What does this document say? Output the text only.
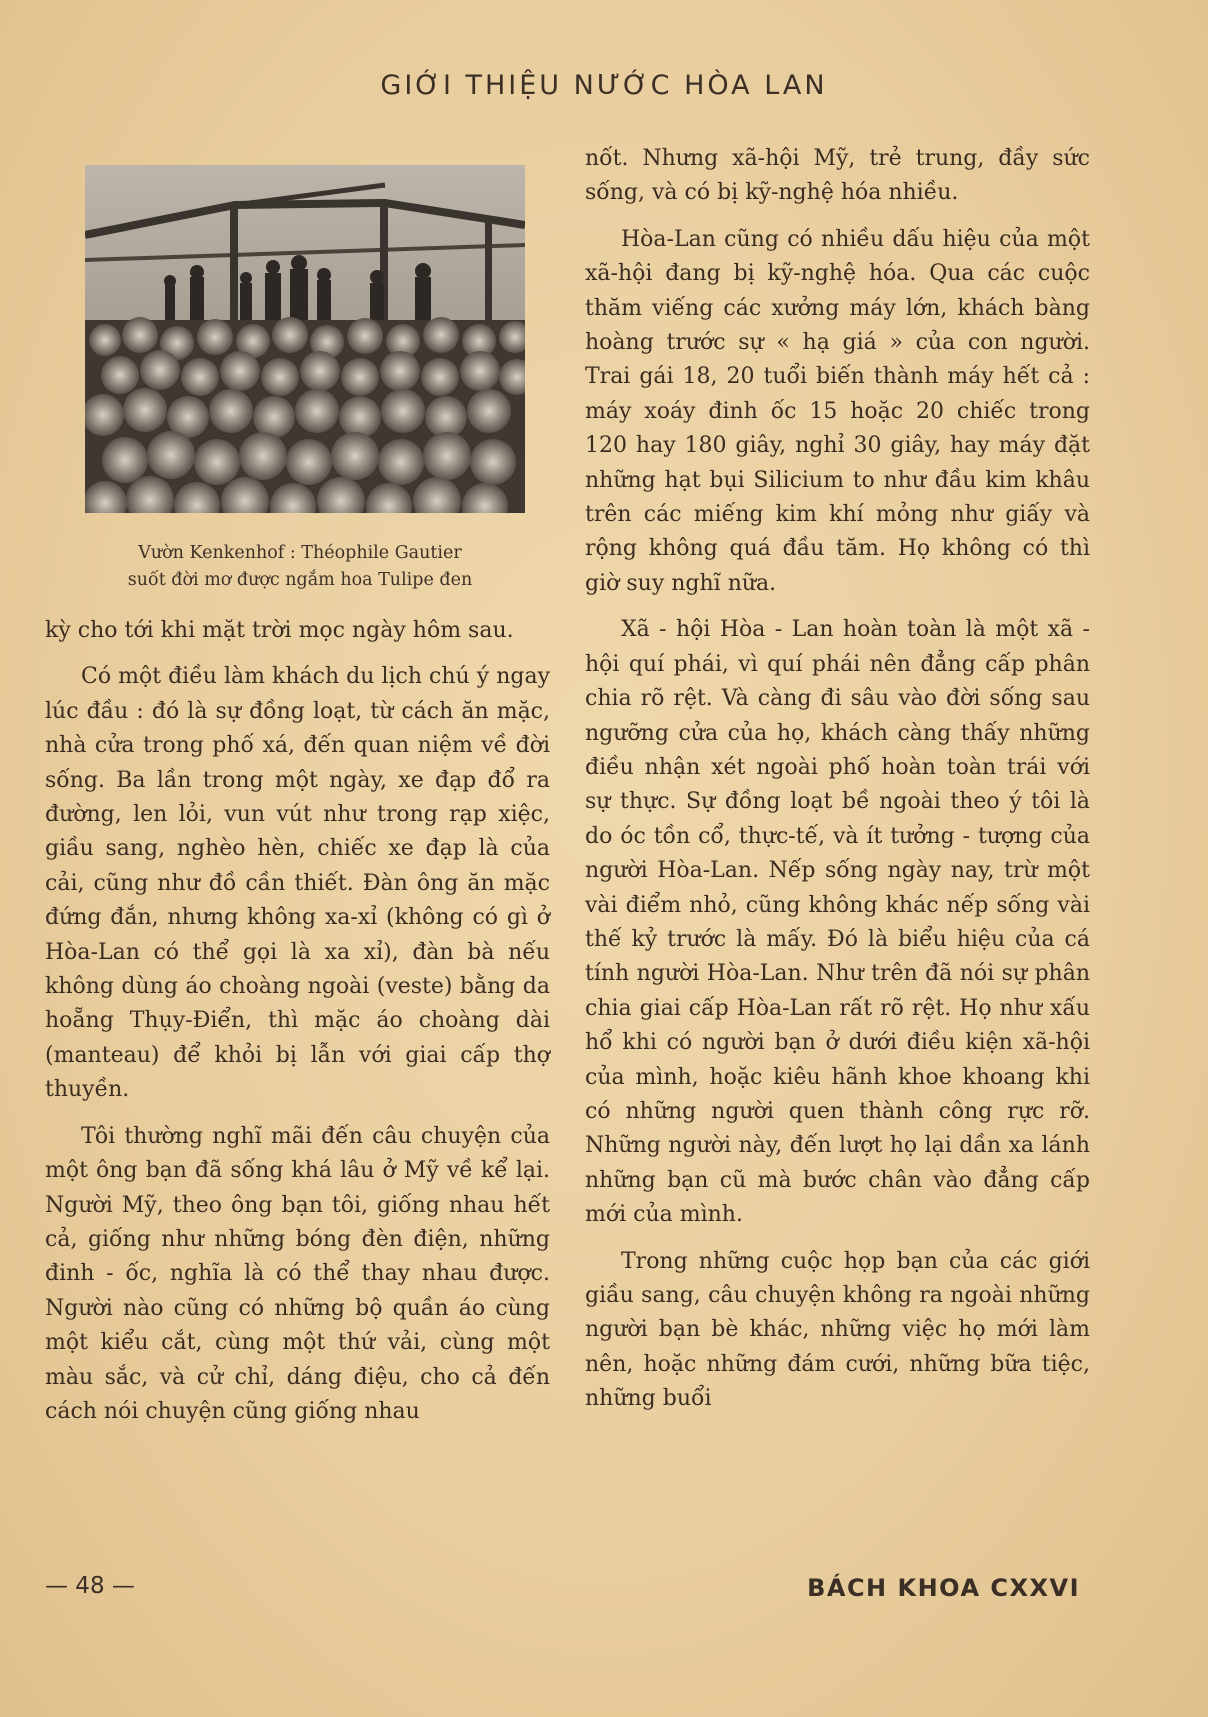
GIỚI THIỆU NƯỚC HÒA LAN
Vườn Kenkenhof : Théophile Gautier
suốt đời mơ được ngắm hoa Tulipe đen

kỳ cho tới khi mặt trời mọc ngày hôm sau.

Có một điều làm khách du lịch chú ý ngay lúc đầu : đó là sự đồng loạt, từ cách ăn mặc, nhà cửa trong phố xá, đến quan niệm về đời sống. Ba lần trong một ngày, xe đạp đổ ra đường, len lỏi, vun vút như trong rạp xiệc, giầu sang, nghèo hèn, chiếc xe đạp là của cải, cũng như đồ cần thiết. Đàn ông ăn mặc đứng đắn, nhưng không xa-xỉ (không có gì ở Hòa-Lan có thể gọi là xa xỉ), đàn bà nếu không dùng áo choàng ngoài (veste) bằng da hoẵng Thụy-Điển, thì mặc áo choàng dài (manteau) để khỏi bị lẫn với giai cấp thợ thuyền.

Tôi thường nghĩ mãi đến câu chuyện của một ông bạn đã sống khá lâu ở Mỹ về kể lại. Người Mỹ, theo ông bạn tôi, giống nhau hết cả, giống như những bóng đèn điện, những đinh - ốc, nghĩa là có thể thay nhau được. Người nào cũng có những bộ quần áo cùng một kiểu cắt, cùng một thứ vải, cùng một màu sắc, và cử chỉ, dáng điệu, cho cả đến cách nói chuyện cũng giống nhau

nốt. Nhưng xã-hội Mỹ, trẻ trung, đầy sức sống, và có bị kỹ-nghệ hóa nhiều.

Hòa-Lan cũng có nhiều dấu hiệu của một xã-hội đang bị kỹ-nghệ hóa. Qua các cuộc thăm viếng các xưởng máy lớn, khách bàng hoàng trước sự « hạ giá » của con người. Trai gái 18, 20 tuổi biến thành máy hết cả : máy xoáy đinh ốc 15 hoặc 20 chiếc trong 120 hay 180 giây, nghỉ 30 giây, hay máy đặt những hạt bụi Silicium to như đầu kim khâu trên các miếng kim khí mỏng như giấy và rộng không quá đầu tăm. Họ không có thì giờ suy nghĩ nữa.

Xã - hội Hòa - Lan hoàn toàn là một xã - hội quí phái, vì quí phái nên đẳng cấp phân chia rõ rệt. Và càng đi sâu vào đời sống sau ngưỡng cửa của họ, khách càng thấy những điều nhận xét ngoài phố hoàn toàn trái với sự thực. Sự đồng loạt bề ngoài theo ý tôi là do óc tồn cổ, thực-tế, và ít tưởng - tượng của người Hòa-Lan. Nếp sống ngày nay, trừ một vài điểm nhỏ, cũng không khác nếp sống vài thế kỷ trước là mấy. Đó là biểu hiệu của cá tính người Hòa-Lan. Như trên đã nói sự phân chia giai cấp Hòa-Lan rất rõ rệt. Họ như xấu hổ khi có người bạn ở dưới điều kiện xã-hội của mình, hoặc kiêu hãnh khoe khoang khi có những người quen thành công rực rỡ. Những người này, đến lượt họ lại dần xa lánh những bạn cũ mà bước chân vào đẳng cấp mới của mình.

Trong những cuộc họp bạn của các giới giầu sang, câu chuyện không ra ngoài những người bạn bè khác, những việc họ mới làm nên, hoặc những đám cưới, những bữa tiệc, những buổi

— 48 —	BÁCH KHOA CXXVI
